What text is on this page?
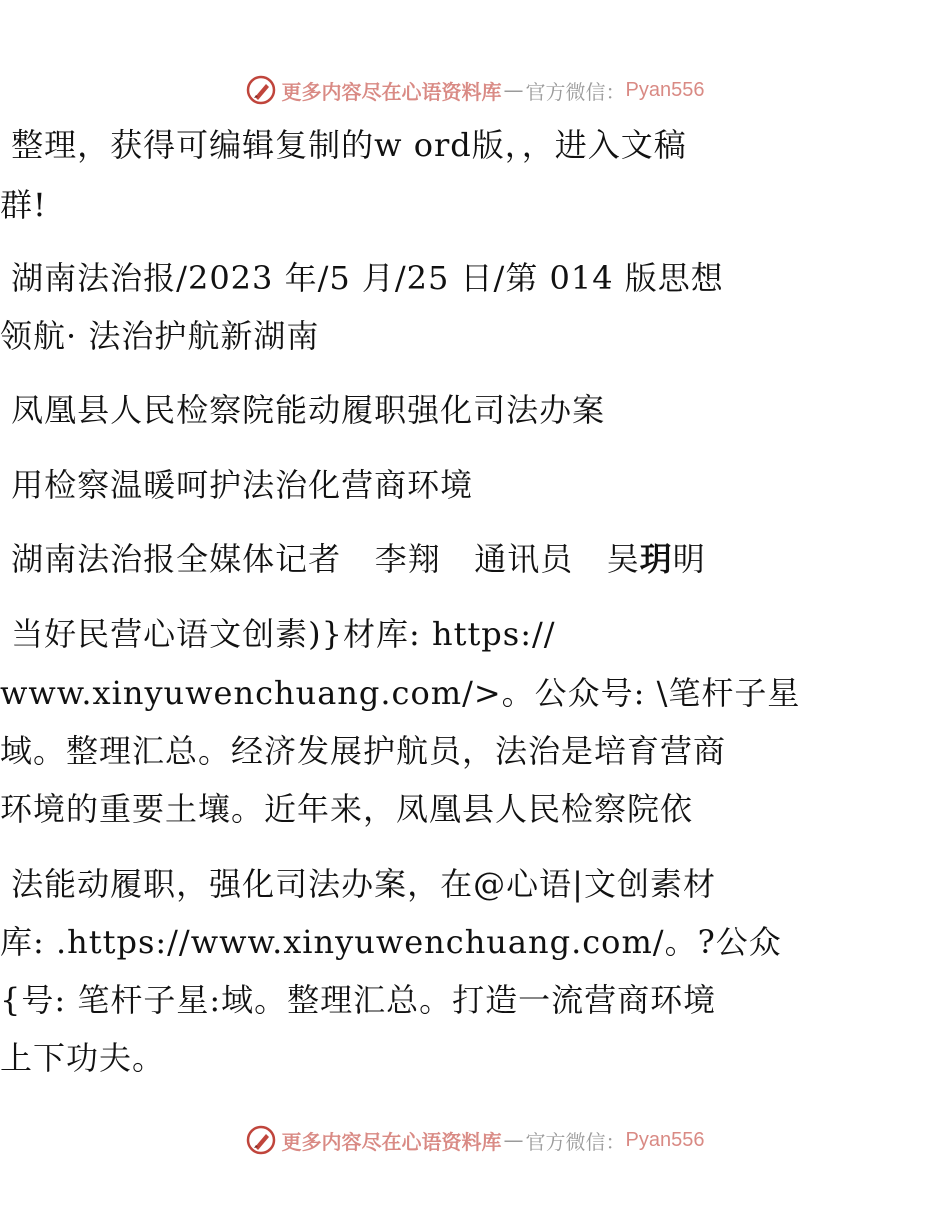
更多内容尽在心语资料库 — 官方微信： Pyan556
整理，获得可编辑复制的w ord版，，进入文稿
群!
湖南法治报/2023 年/5 月/25 日/第 014 版思想
领航· 法治护航新湖南
凤凰县人民检察院能动履职强化司法办案
用检察温暖呵护法治化营商环境
湖南法治报全媒体记者   李翔   通讯员   吴玥明
当好民营心语文创素)}材库: https://
www.xinyuwenchuang.com/>。公众号: \笔杆子星
域。整理汇总。经济发展护航员，法治是培育营商
环境的重要土壤。近年来，凤凰县人民检察院依
法能动履职，强化司法办案，在@心语|文创素材
库: .https://www.xinyuwenchuang.com/。?公众
{号: 笔杆子星:域。整理汇总。打造一流营商环境
上下功夫。
更多内容尽在心语资料库 — 官方微信： Pyan556
